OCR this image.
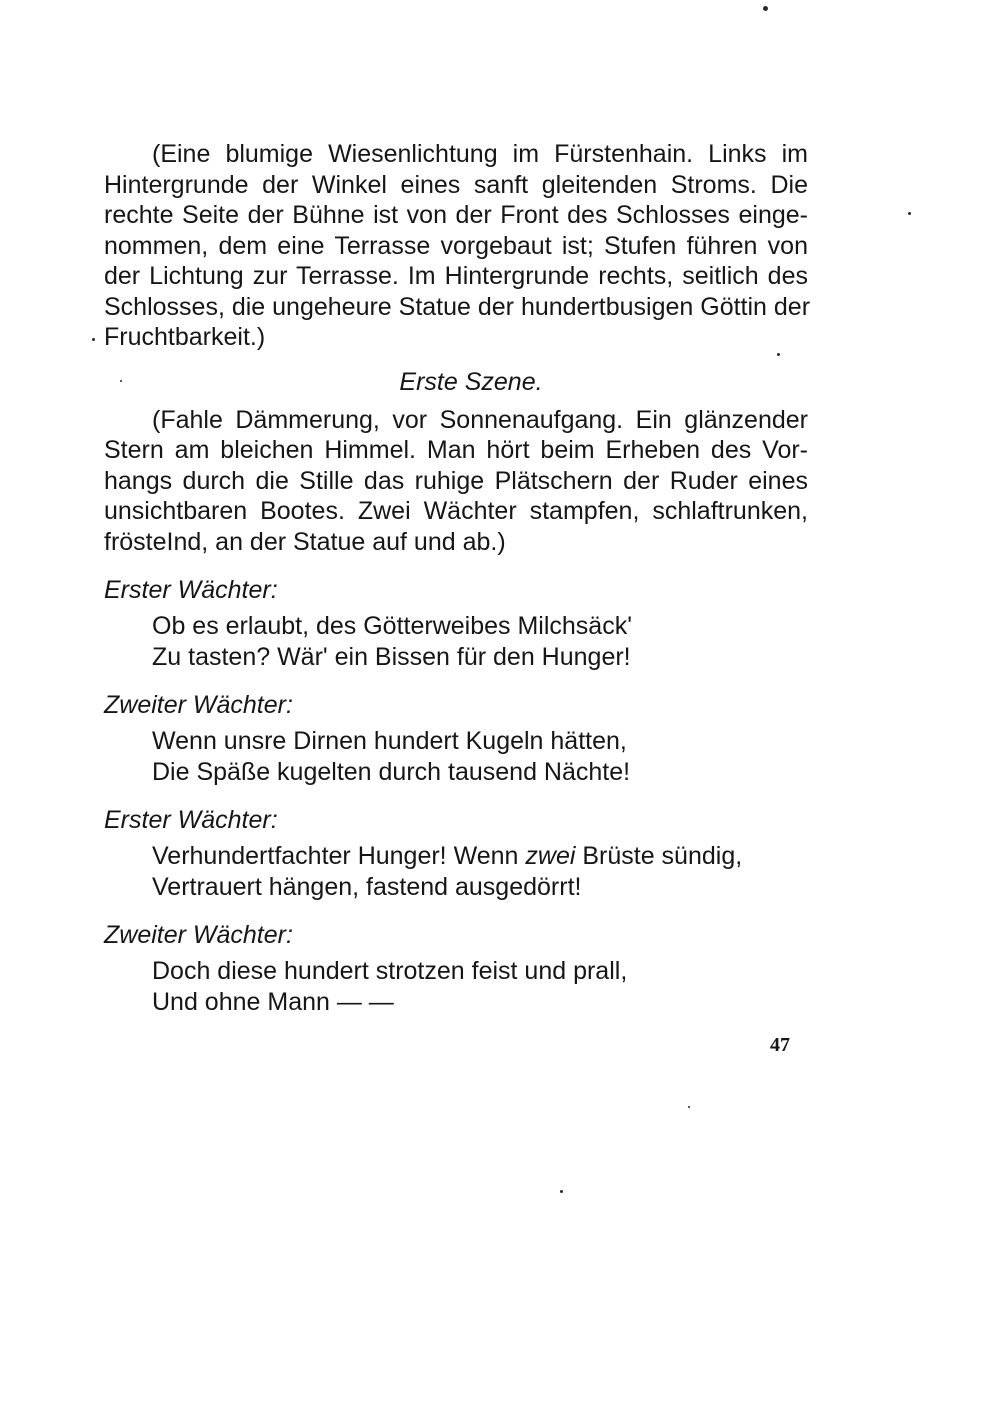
(Eine blumige Wiesenlichtung im Fürstenhain. Links im
Hintergrunde der Winkel eines sanft gleitenden Stroms. Die
rechte Seite der Bühne ist von der Front des Schlosses einge-
nommen, dem eine Terrasse vorgebaut ist; Stufen führen von
der Lichtung zur Terrasse. Im Hintergrunde rechts, seitlich des
Schlosses, die ungeheure Statue der hundertbusigen Göttin der
Fruchtbarkeit.)
Erste Szene.
(Fahle Dämmerung, vor Sonnenaufgang. Ein glänzender
Stern am bleichen Himmel. Man hört beim Erheben des Vor-
hangs durch die Stille das ruhige Plätschern der Ruder eines
unsichtbaren Bootes. Zwei Wächter stampfen, schlaftrunken,
frösteInd, an der Statue auf und ab.)
Erster Wächter:
Ob es erlaubt, des Götterweibes Milchsäck'
Zu tasten? Wär' ein Bissen für den Hunger!
Zweiter Wächter:
Wenn unsre Dirnen hundert Kugeln hätten,
Die Späße kugelten durch tausend Nächte!
Erster Wächter:
Verhundertfachter Hunger! Wenn zwei Brüste sündig,
Vertrauert hängen, fastend ausgedörrt!
Zweiter Wächter:
Doch diese hundert strotzen feist und prall,
Und ohne Mann — —
47
